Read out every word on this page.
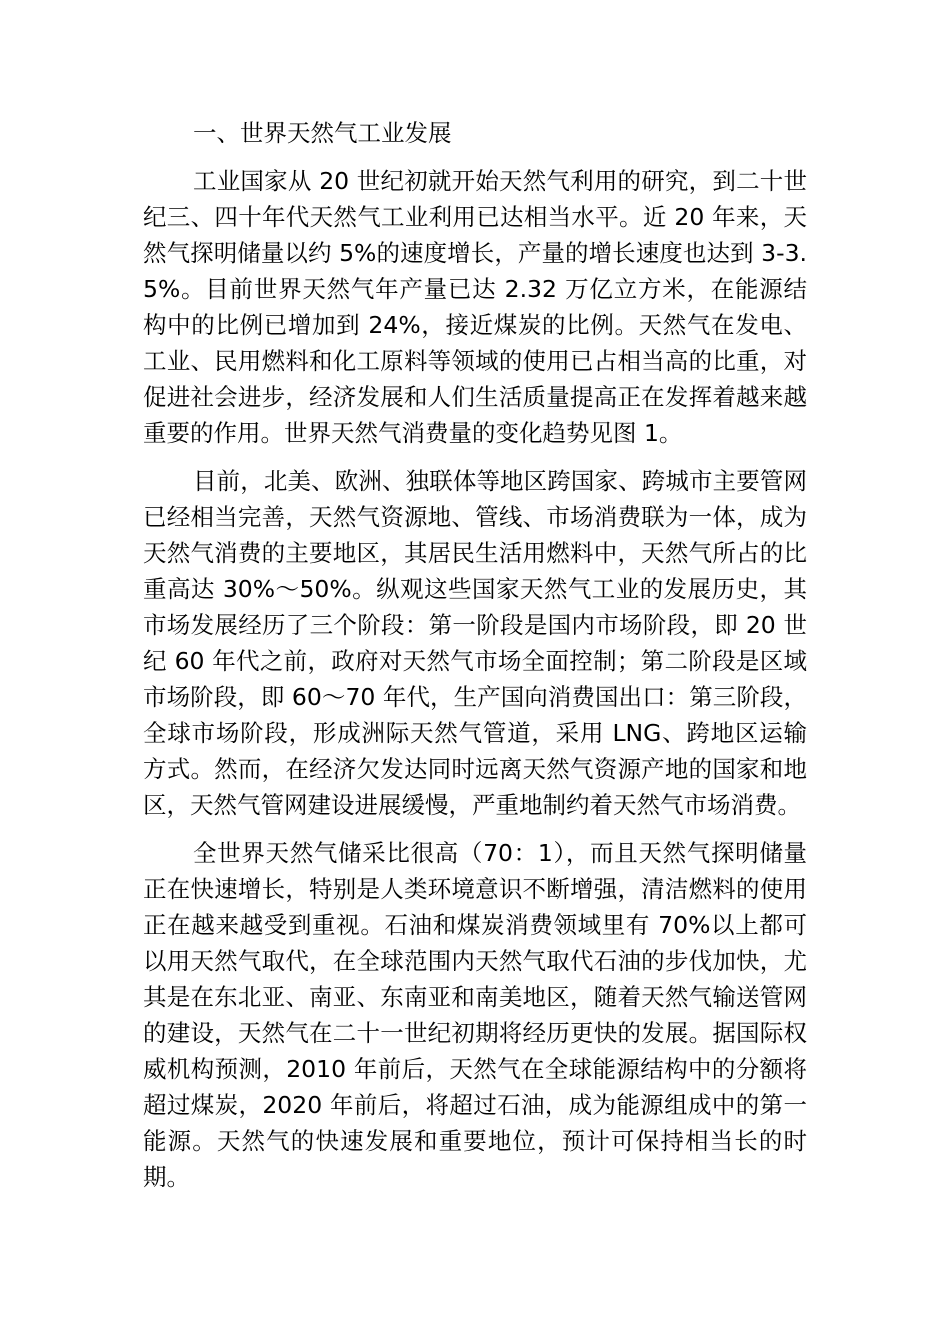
一、世界天然气工业发展

工业国家从 20 世纪初就开始天然气利用的研究，到二十世纪三、四十年代天然气工业利用已达相当水平。近 20 年来，天然气探明储量以约 5%的速度增长，产量的增长速度也达到 3-3.5%。目前世界天然气年产量已达 2.32 万亿立方米，在能源结构中的比例已增加到 24%，接近煤炭的比例。天然气在发电、工业、民用燃料和化工原料等领域的使用已占相当高的比重，对促进社会进步，经济发展和人们生活质量提高正在发挥着越来越重要的作用。世界天然气消费量的变化趋势见图 1。

目前，北美、欧洲、独联体等地区跨国家、跨城市主要管网已经相当完善，天然气资源地、管线、市场消费联为一体，成为天然气消费的主要地区，其居民生活用燃料中，天然气所占的比重高达 30%～50%。纵观这些国家天然气工业的发展历史，其市场发展经历了三个阶段：第一阶段是国内市场阶段，即 20 世纪 60 年代之前，政府对天然气市场全面控制；第二阶段是区域市场阶段，即 60～70 年代，生产国向消费国出口：第三阶段，全球市场阶段，形成洲际天然气管道，采用 LNG、跨地区运输方式。然而，在经济欠发达同时远离天然气资源产地的国家和地区，天然气管网建设进展缓慢，严重地制约着天然气市场消费。

全世界天然气储采比很高（70：1），而且天然气探明储量正在快速增长，特别是人类环境意识不断增强，清洁燃料的使用正在越来越受到重视。石油和煤炭消费领域里有 70%以上都可以用天然气取代，在全球范围内天然气取代石油的步伐加快，尤其是在东北亚、南亚、东南亚和南美地区，随着天然气输送管网的建设，天然气在二十一世纪初期将经历更快的发展。据国际权威机构预测，2010 年前后，天然气在全球能源结构中的分额将超过煤炭，2020 年前后，将超过石油，成为能源组成中的第一能源。天然气的快速发展和重要地位，预计可保持相当长的时期。
